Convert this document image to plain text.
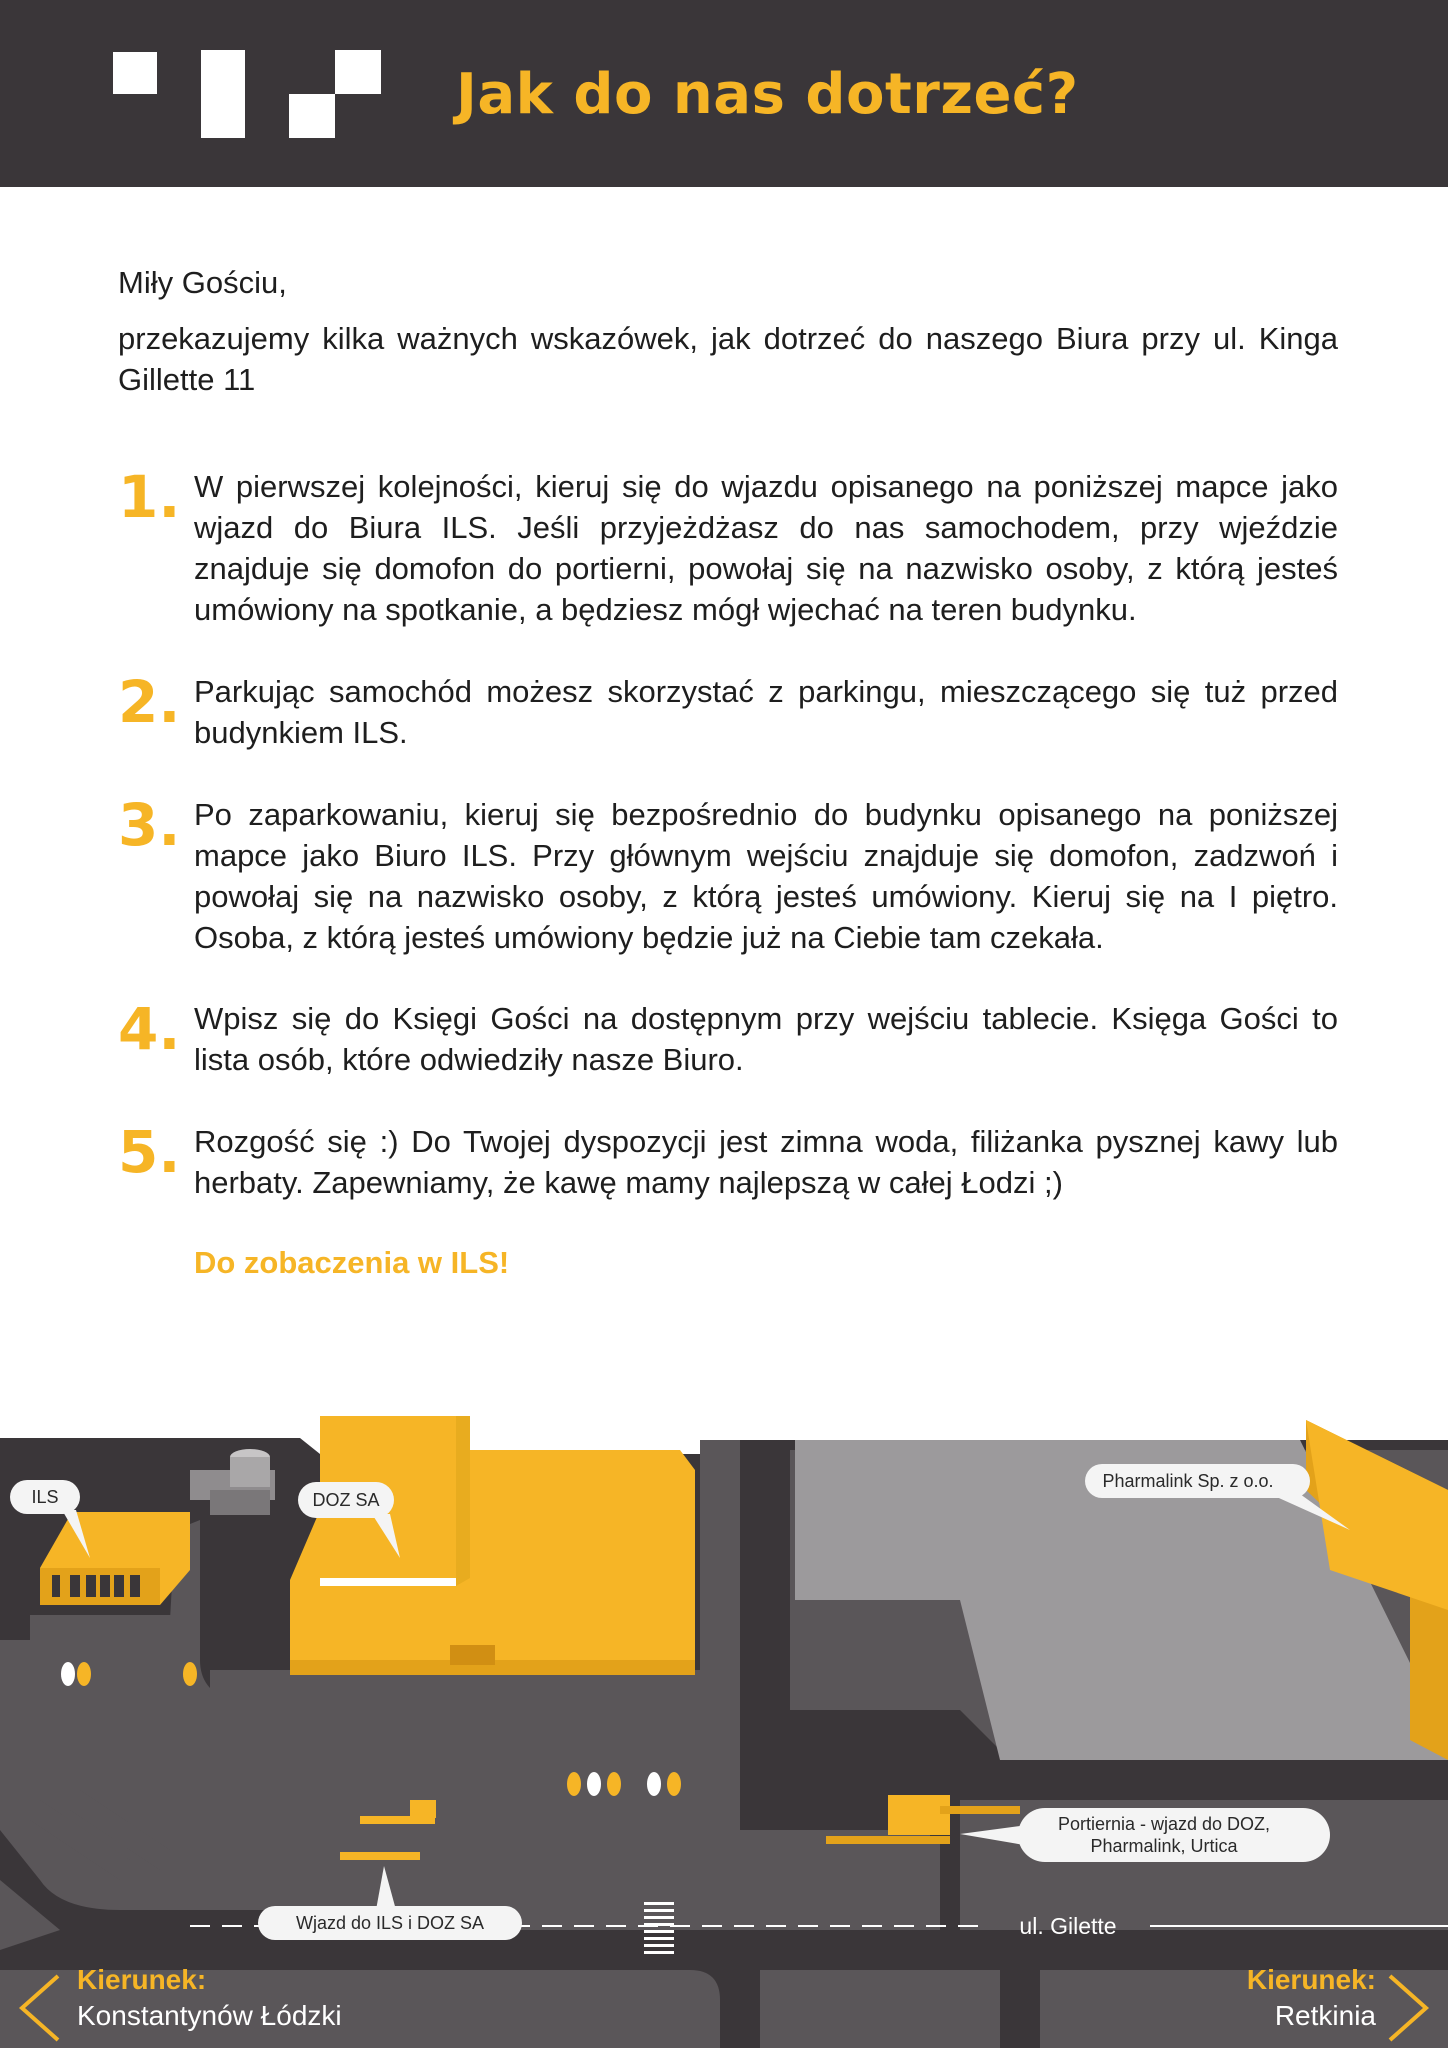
Jak do nas dotrzeć?
Miły Gościu,
przekazujemy kilka ważnych wskazówek, jak dotrzeć do naszego Biura przy ul. Kinga Gillette 11
1. W pierwszej kolejności, kieruj się do wjazdu opisanego na poniższej mapce jako wjazd do Biura ILS. Jeśli przyjeżdżasz do nas samochodem, przy wjeździe znajduje się domofon do portierni, powołaj się na nazwisko osoby, z którą jesteś umówiony na spotkanie, a będziesz mógł wjechać na teren budynku.
2. Parkując samochód możesz skorzystać z parkingu, mieszczącego się tuż przed budynkiem ILS.
3. Po zaparkowaniu, kieruj się bezpośrednio do budynku opisanego na poniższej mapce jako Biuro ILS. Przy głównym wejściu znajduje się domofon, zadzwoń i powołaj się na nazwisko osoby, z którą jesteś umówiony. Kieruj się na I piętro. Osoba, z którą jesteś umówiony będzie już na Ciebie tam czekała.
4. Wpisz się do Księgi Gości na dostępnym przy wejściu tablecie. Księga Gości to lista osób, które odwiedziły nasze Biuro.
5. Rozgość się :) Do Twojej dyspozycji jest zimna woda, filiżanka pysznej kawy lub herbaty. Zapewniamy, że kawę mamy najlepszą w całej Łodzi ;)
Do zobaczenia w ILS!
ILS	DOZ SA
Pharmalink Sp. z o.o.
Portiernia - wjazd do DOZ,
Pharmalink, Urtica
Wjazd do ILS i DOZ SA	ul. Gilette
Kierunek:
Konstantynów Łódzki
Kierunek:
Retkinia
